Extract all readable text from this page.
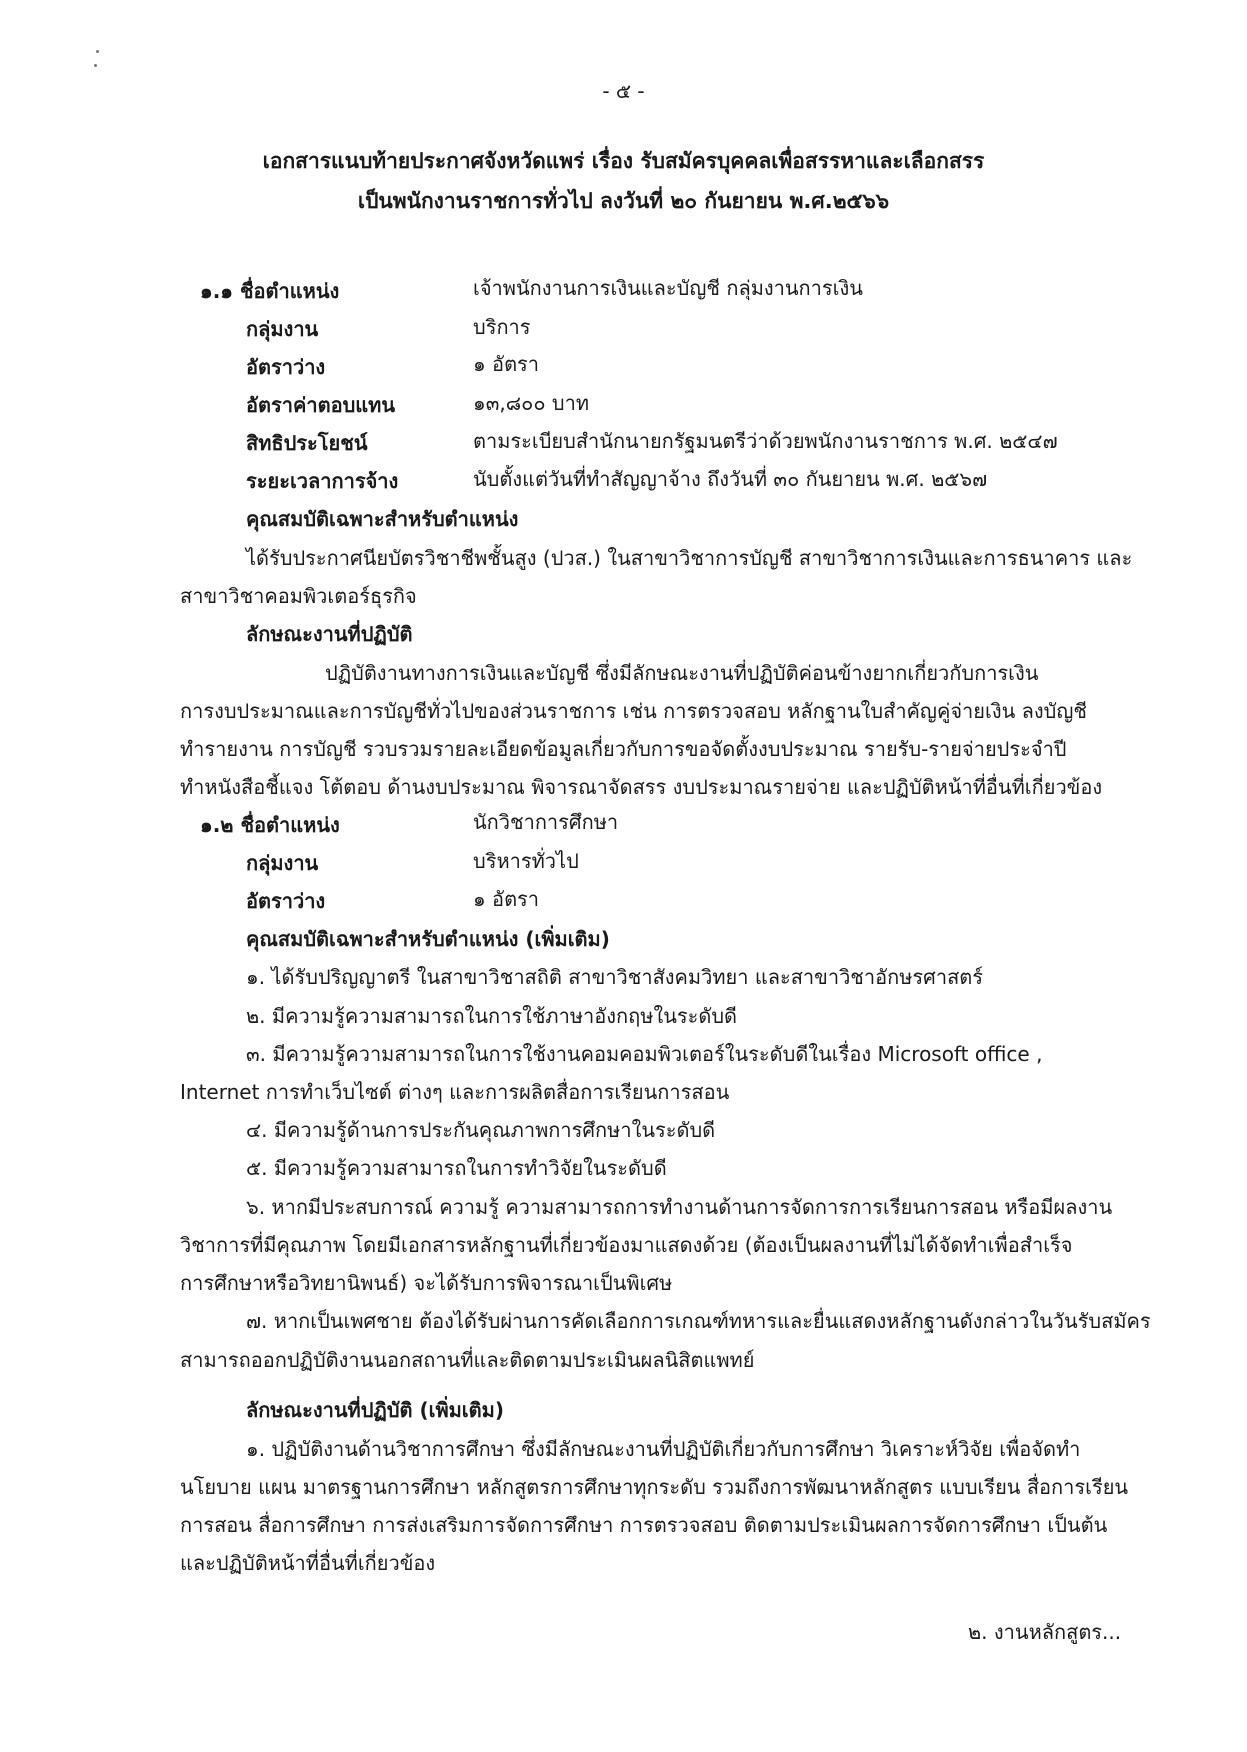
- ๕ -
เอกสารแนบท้ายประกาศจังหวัดแพร่ เรื่อง รับสมัครบุคคลเพื่อสรรหาและเลือกสรร
เป็นพนักงานราชการทั่วไป ลงวันที่ ๒๐ กันยายน พ.ศ.๒๕๖๖
๑.๑ ชื่อตำแหน่ง	เจ้าพนักงานการเงินและบัญชี กลุ่มงานการเงิน
กลุ่มงาน	บริการ
อัตราว่าง	๑ อัตรา
อัตราค่าตอบแทน	๑๓,๘๐๐ บาท
สิทธิประโยชน์	ตามระเบียบสำนักนายกรัฐมนตรีว่าด้วยพนักงานราชการ พ.ศ. ๒๕๔๗
ระยะเวลาการจ้าง	นับตั้งแต่วันที่ทำสัญญาจ้าง ถึงวันที่ ๓๐ กันยายน พ.ศ. ๒๕๖๗
คุณสมบัติเฉพาะสำหรับตำแหน่ง
ได้รับประกาศนียบัตรวิชาชีพชั้นสูง (ปวส.) ในสาขาวิชาการบัญชี สาขาวิชาการเงินและการธนาคาร และ
สาขาวิชาคอมพิวเตอร์ธุรกิจ
ลักษณะงานที่ปฏิบัติ
ปฏิบัติงานทางการเงินและบัญชี ซึ่งมีลักษณะงานที่ปฏิบัติค่อนข้างยากเกี่ยวกับการเงิน
การงบประมาณและการบัญชีทั่วไปของส่วนราชการ เช่น การตรวจสอบ หลักฐานใบสำคัญคู่จ่ายเงิน ลงบัญชี
ทำรายงาน การบัญชี รวบรวมรายละเอียดข้อมูลเกี่ยวกับการขอจัดตั้งงบประมาณ รายรับ-รายจ่ายประจำปี
ทำหนังสือชี้แจง โต้ตอบ ด้านงบประมาณ พิจารณาจัดสรร งบประมาณรายจ่าย และปฏิบัติหน้าที่อื่นที่เกี่ยวข้อง
๑.๒ ชื่อตำแหน่ง	นักวิชาการศึกษา
กลุ่มงาน	บริหารทั่วไป
อัตราว่าง	๑ อัตรา
คุณสมบัติเฉพาะสำหรับตำแหน่ง (เพิ่มเติม)
๑. ได้รับปริญญาตรี ในสาขาวิชาสถิติ สาขาวิชาสังคมวิทยา และสาขาวิชาอักษรศาสตร์
๒. มีความรู้ความสามารถในการใช้ภาษาอังกฤษในระดับดี
๓. มีความรู้ความสามารถในการใช้งานคอมคอมพิวเตอร์ในระดับดีในเรื่อง Microsoft office ,
Internet การทำเว็บไซต์ ต่างๆ และการผลิตสื่อการเรียนการสอน
๔. มีความรู้ด้านการประกันคุณภาพการศึกษาในระดับดี
๕. มีความรู้ความสามารถในการทำวิจัยในระดับดี
๖. หากมีประสบการณ์ ความรู้ ความสามารถการทำงานด้านการจัดการการเรียนการสอน หรือมีผลงาน
วิชาการที่มีคุณภาพ โดยมีเอกสารหลักฐานที่เกี่ยวข้องมาแสดงด้วย (ต้องเป็นผลงานที่ไม่ได้จัดทำเพื่อสำเร็จ
การศึกษาหรือวิทยานิพนธ์) จะได้รับการพิจารณาเป็นพิเศษ
๗. หากเป็นเพศชาย ต้องได้รับผ่านการคัดเลือกการเกณฑ์ทหารและยื่นแสดงหลักฐานดังกล่าวในวันรับสมัคร
สามารถออกปฏิบัติงานนอกสถานที่และติดตามประเมินผลนิสิตแพทย์
ลักษณะงานที่ปฏิบัติ (เพิ่มเติม)
๑. ปฏิบัติงานด้านวิชาการศึกษา ซึ่งมีลักษณะงานที่ปฏิบัติเกี่ยวกับการศึกษา วิเคราะห์วิจัย เพื่อจัดทำ
นโยบาย แผน มาตรฐานการศึกษา หลักสูตรการศึกษาทุกระดับ รวมถึงการพัฒนาหลักสูตร แบบเรียน สื่อการเรียน
การสอน สื่อการศึกษา การส่งเสริมการจัดการศึกษา การตรวจสอบ ติดตามประเมินผลการจัดการศึกษา เป็นต้น
และปฏิบัติหน้าที่อื่นที่เกี่ยวข้อง
๒. งานหลักสูตร...
